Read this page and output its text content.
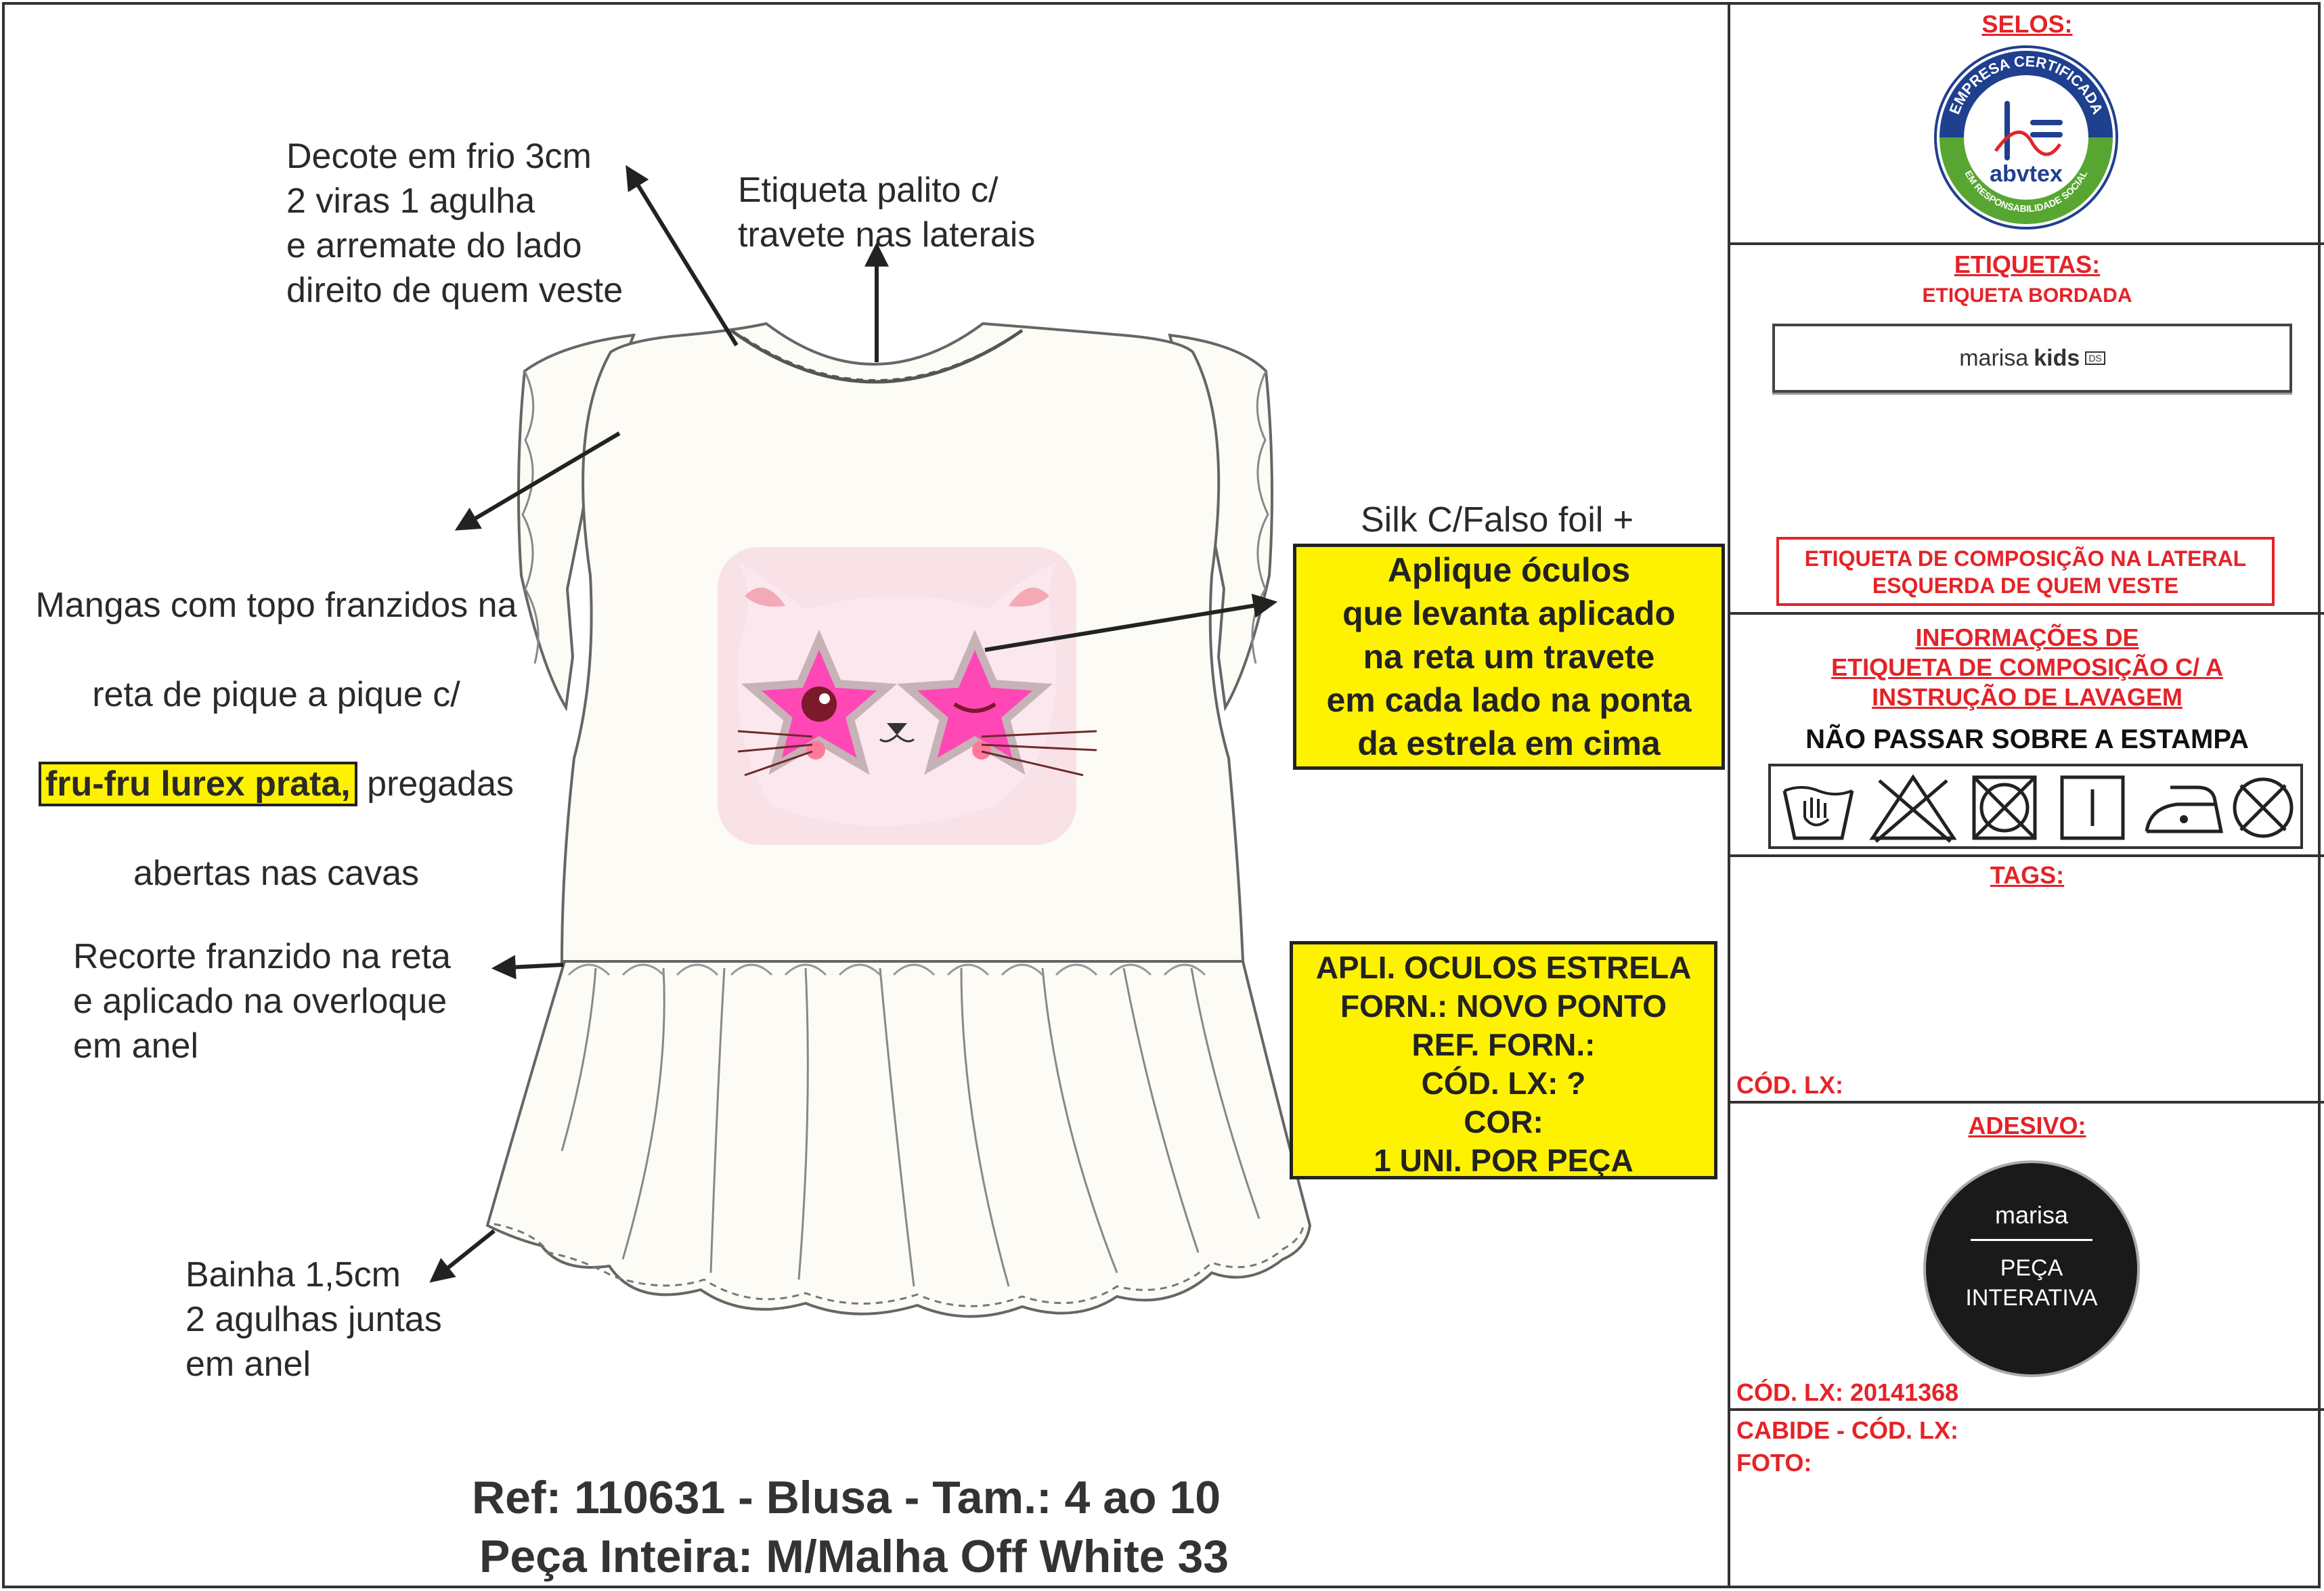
Decote em frio 3cm
2 viras 1 agulha
e arremate do lado
direito de quem veste
Etiqueta palito c/
travete nas laterais

Mangas com topo franzidos na

reta de pique a pique c/

fru-fru lurex prata, pregadas

abertas nas cavas

Silk C/Falso foil +
Aplique óculos
que levanta aplicado
na reta um travete
em cada lado na ponta
da estrela em cima
Recorte franzido na reta
e aplicado na overloque
em anel
Bainha 1,5cm
2 agulhas juntas
em anel
APLI. OCULOS ESTRELA
FORN.: NOVO PONTO
REF. FORN.:
CÓD. LX: ?
COR:
1 UNI. POR PEÇA
Ref: 110631 - Blusa - Tam.: 4 ao 10
Peça Inteira: M/Malha Off White 33
SELOS:
EMPRESA CERTIFICADA
EM RESPONSABILIDADE SOCIAL
abvtex
ETIQUETAS:
ETIQUETA BORDADA
marisa kids DS
ETIQUETA DE COMPOSIÇÃO NA LATERAL
ESQUERDA DE QUEM VESTE
INFORMAÇÕES DE
ETIQUETA DE COMPOSIÇÃO C/ A
INSTRUÇÃO DE LAVAGEM
NÃO PASSAR SOBRE A ESTAMPA
TAGS:
CÓD. LX:
ADESIVO:
marisa
PEÇA
INTERATIVA
CÓD. LX: 20141368
CABIDE - CÓD. LX:
FOTO:
